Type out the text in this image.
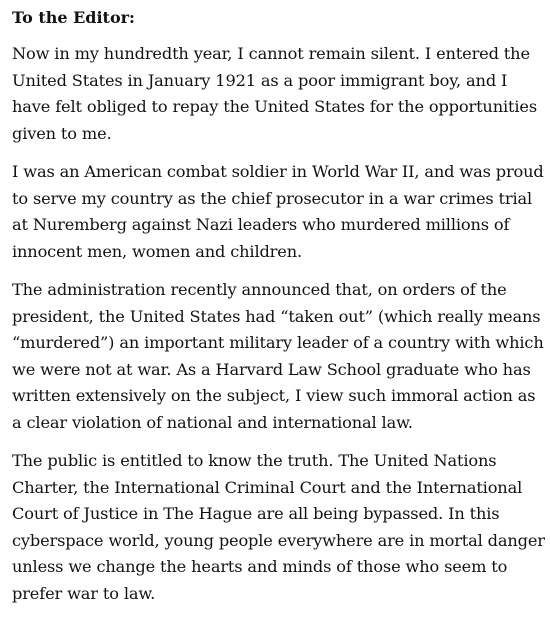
To the Editor:

Now in my hundredth year, I cannot remain silent. I entered the United States in January 1921 as a poor immigrant boy, and I have felt obliged to repay the United States for the opportunities given to me.

I was an American combat soldier in World War II, and was proud to serve my country as the chief prosecutor in a war crimes trial at Nuremberg against Nazi leaders who murdered millions of innocent men, women and children.

The administration recently announced that, on orders of the president, the United States had “taken out” (which really means “murdered”) an important military leader of a country with which we were not at war. As a Harvard Law School graduate who has written extensively on the subject, I view such immoral action as a clear violation of national and international law.

The public is entitled to know the truth. The United Nations Charter, the International Criminal Court and the International Court of Justice in The Hague are all being bypassed. In this cyberspace world, young people everywhere are in mortal danger unless we change the hearts and minds of those who seem to prefer war to law.
